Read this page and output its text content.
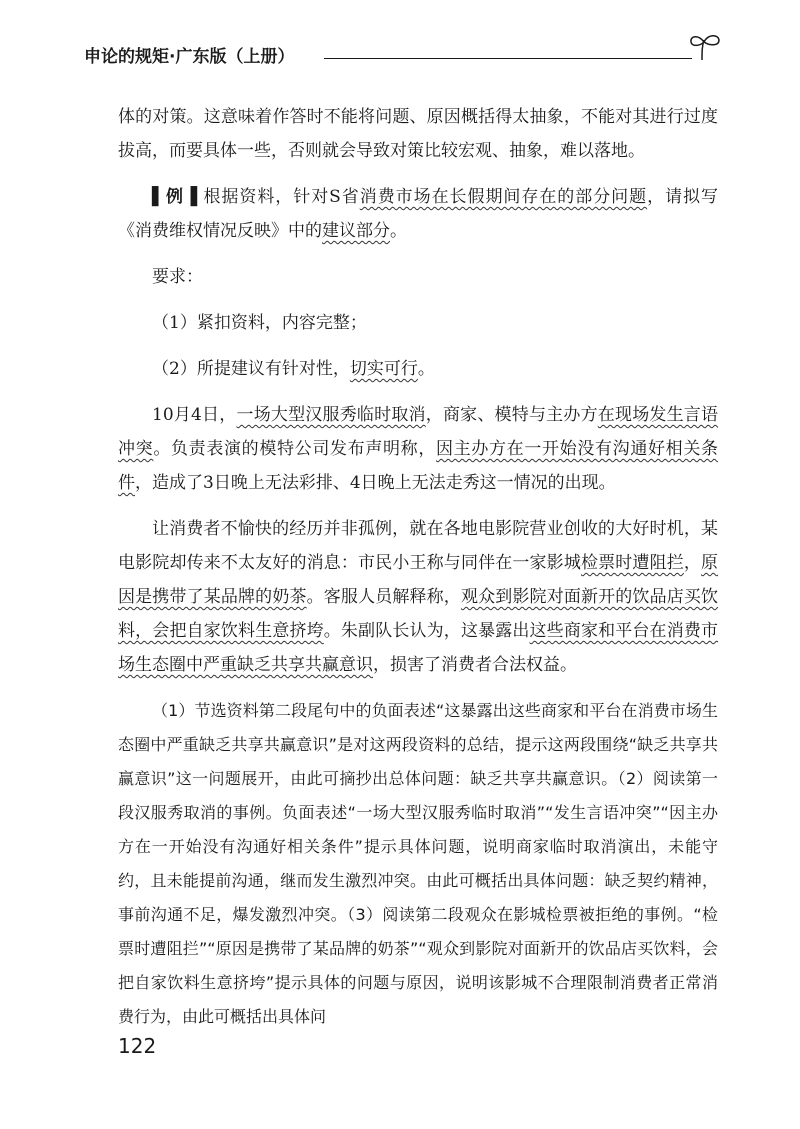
申论的规矩·广东版（上册）

体的对策。这意味着作答时不能将问题、原因概括得太抽象，不能对其进行过度拔高，而要具体一些，否则就会导致对策比较宏观、抽象，难以落地。

▌例▐ 根据资料，针对S省消费市场在长假期间存在的部分问题，请拟写《消费维权情况反映》中的建议部分。

要求：

（1）紧扣资料，内容完整；

（2）所提建议有针对性，切实可行。

10月4日，一场大型汉服秀临时取消，商家、模特与主办方在现场发生言语冲突。负责表演的模特公司发布声明称，因主办方在一开始没有沟通好相关条件，造成了3日晚上无法彩排、4日晚上无法走秀这一情况的出现。

让消费者不愉快的经历并非孤例，就在各地电影院营业创收的大好时机，某电影院却传来不太友好的消息：市民小王称与同伴在一家影城检票时遭阻拦，原因是携带了某品牌的奶茶。客服人员解释称，观众到影院对面新开的饮品店买饮料，会把自家饮料生意挤垮。朱副队长认为，这暴露出这些商家和平台在消费市场生态圈中严重缺乏共享共赢意识，损害了消费者合法权益。

（1）节选资料第二段尾句中的负面表述“这暴露出这些商家和平台在消费市场生态圈中严重缺乏共享共赢意识”是对这两段资料的总结，提示这两段围绕“缺乏共享共赢意识”这一问题展开，由此可摘抄出总体问题：缺乏共享共赢意识。（2）阅读第一段汉服秀取消的事例。负面表述“一场大型汉服秀临时取消”“发生言语冲突”“因主办方在一开始没有沟通好相关条件”提示具体问题，说明商家临时取消演出，未能守约，且未能提前沟通，继而发生激烈冲突。由此可概括出具体问题：缺乏契约精神，事前沟通不足，爆发激烈冲突。（3）阅读第二段观众在影城检票被拒绝的事例。“检票时遭阻拦”“原因是携带了某品牌的奶茶”“观众到影院对面新开的饮品店买饮料，会把自家饮料生意挤垮”提示具体的问题与原因，说明该影城不合理限制消费者正常消费行为，由此可概括出具体问

122
